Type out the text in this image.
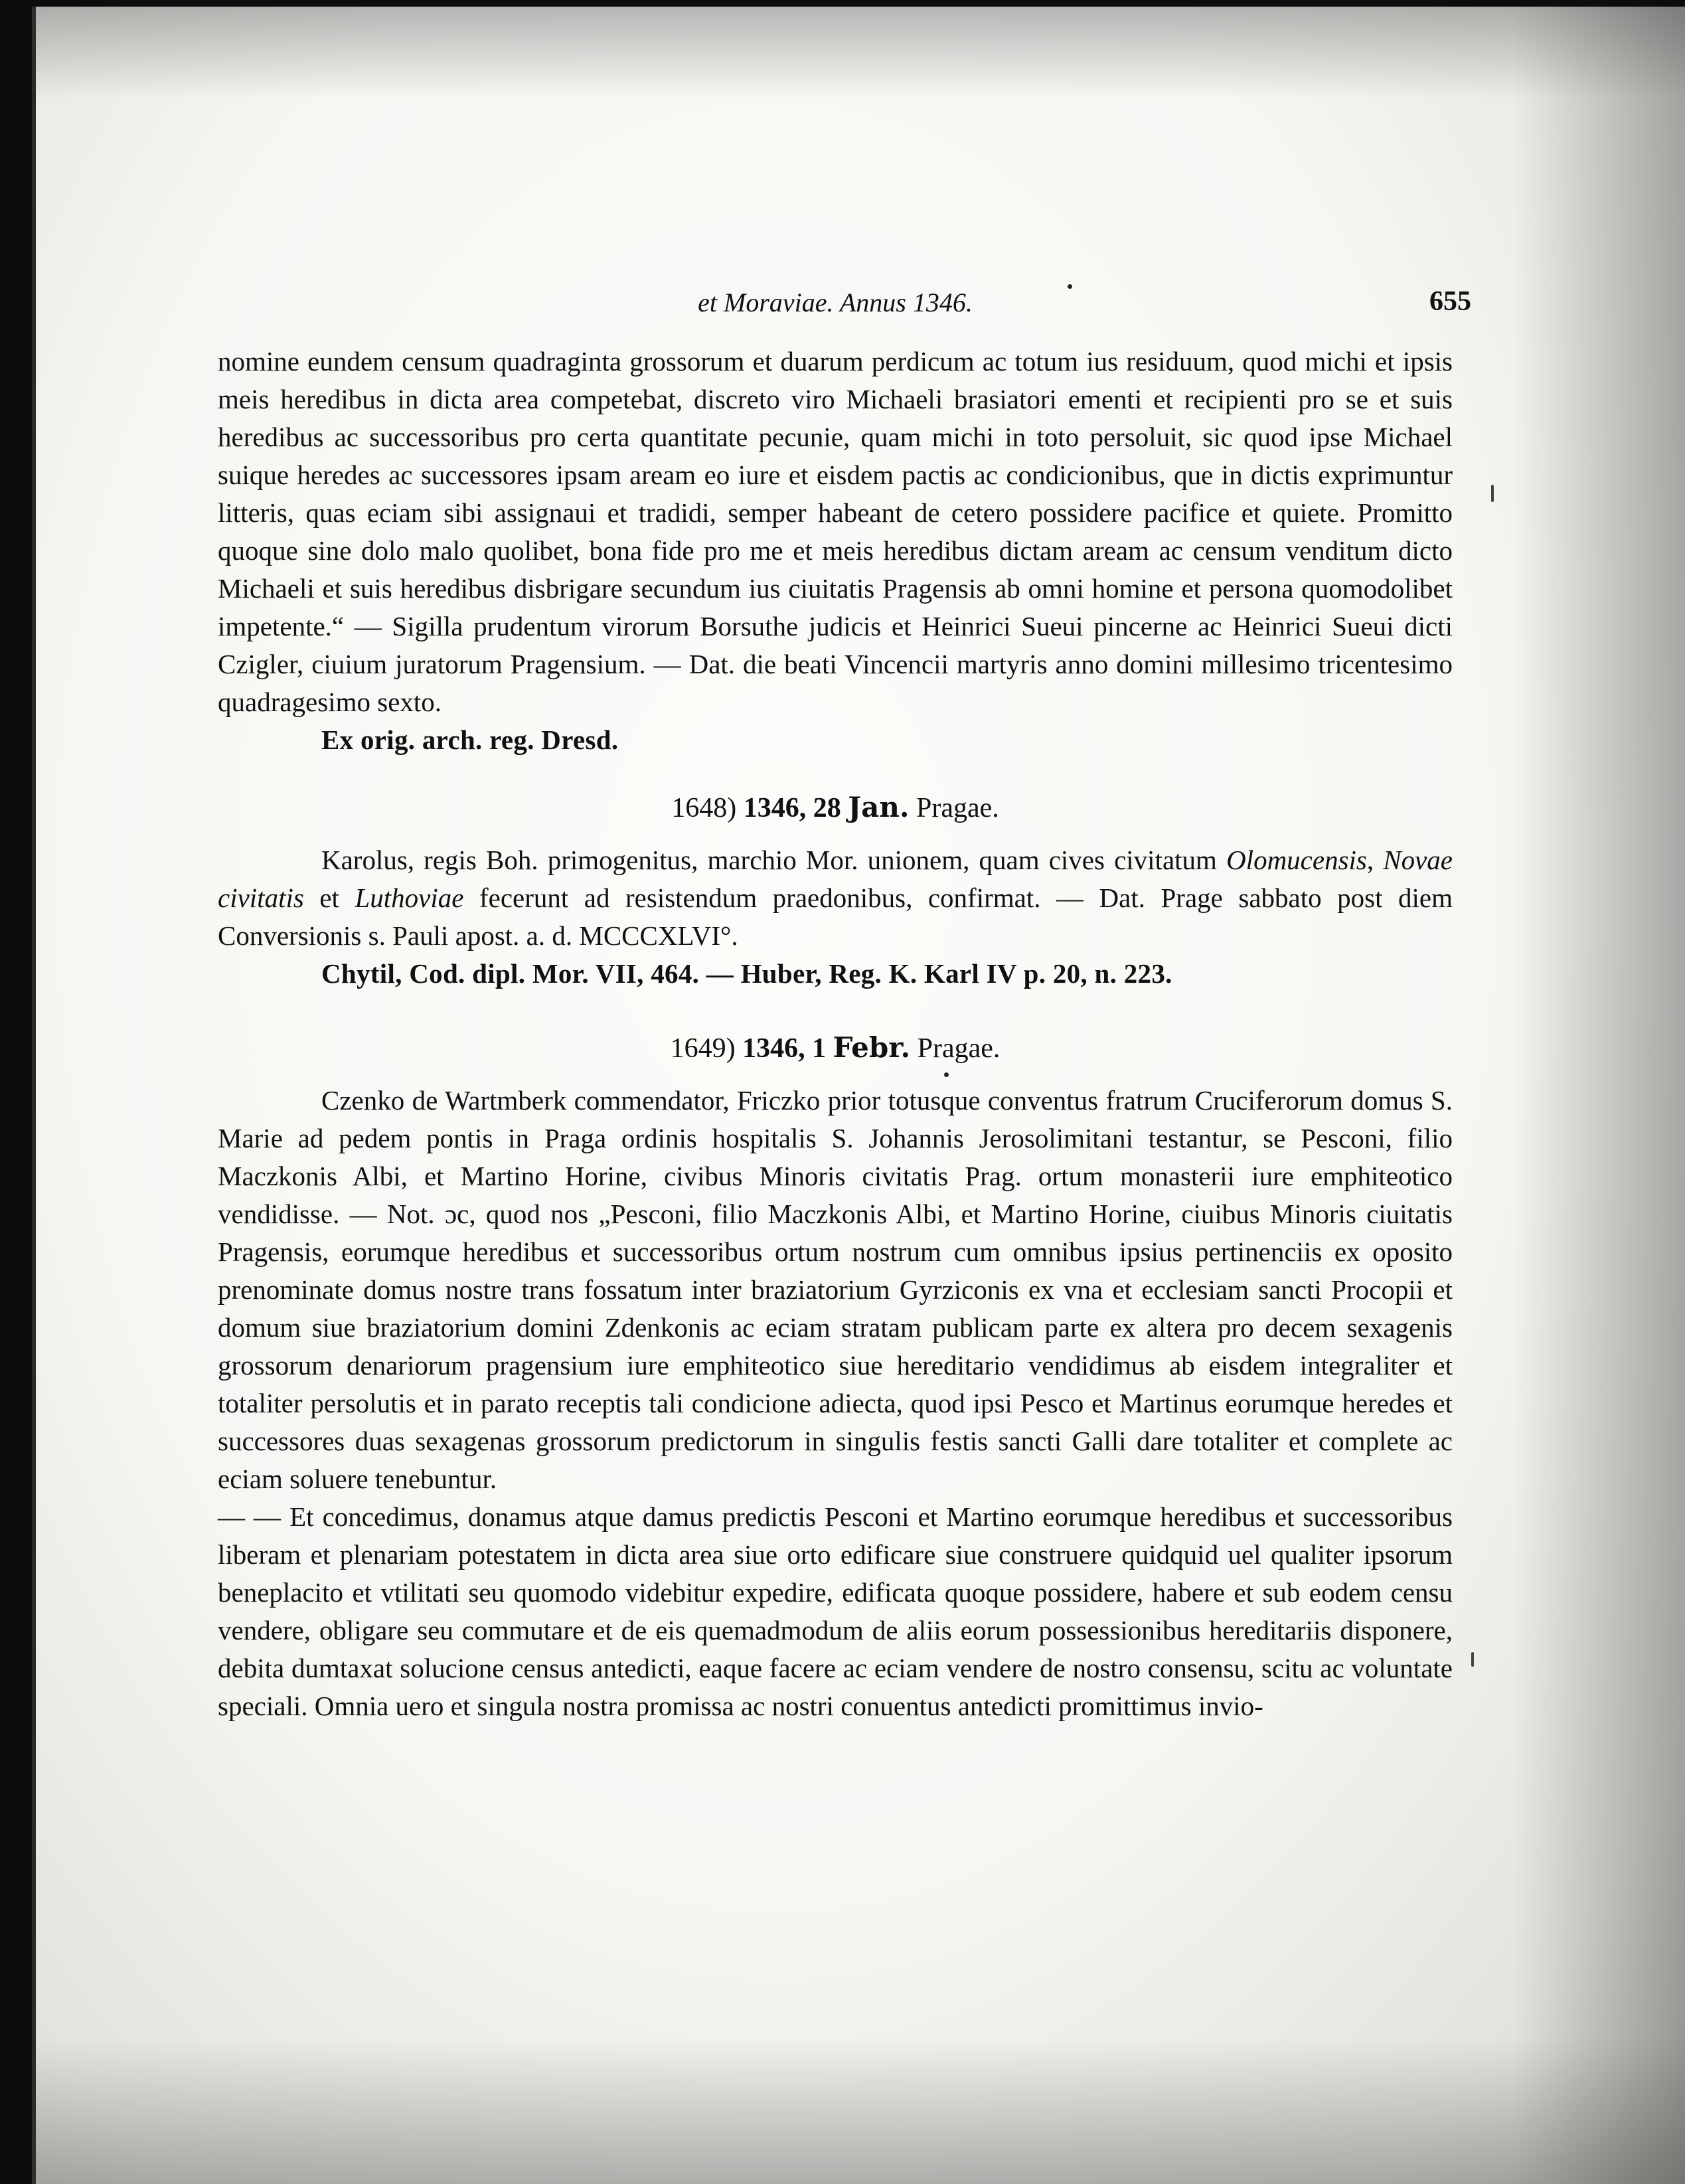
et Moraviae. Annus 1346.	655

nomine eundem censum quadraginta grossorum et duarum perdicum ac totum ius residuum, quod michi et ipsis meis heredibus in dicta area competebat, discreto viro Michaeli brasiatori ementi et recipienti pro se et suis heredibus ac successoribus pro certa quantitate pecunie, quam michi in toto persoluit, sic quod ipse Michael suique heredes ac successores ipsam aream eo iure et eisdem pactis ac condicionibus, que in dictis exprimuntur litteris, quas eciam sibi assignaui et tradidi, semper habeant de cetero possidere pacifice et quiete. Promitto quoque sine dolo malo quolibet, bona fide pro me et meis heredibus dictam aream ac censum venditum dicto Michaeli et suis heredibus disbrigare secundum ius ciuitatis Pragensis ab omni homine et persona quomodolibet impetente.“ — Sigilla prudentum virorum Borsuthe judicis et Heinrici Sueui pincerne ac Heinrici Sueui dicti Czigler, ciuium juratorum Pragensium. — Dat. die beati Vincencii martyris anno domini millesimo tricentesimo quadragesimo sexto.

Ex orig. arch. reg. Dresd.

1648) 1346, 28 Jan. Pragae.

Karolus, regis Boh. primogenitus, marchio Mor. unionem, quam cives civitatum Olomucensis, Novae civitatis et Luthoviae fecerunt ad resistendum praedonibus, confirmat. — Dat. Prage sabbato post diem Conversionis s. Pauli apost. a. d. MCCCXLVI°.

Chytil, Cod. dipl. Mor. VII, 464. — Huber, Reg. K. Karl IV p. 20, n. 223.

1649) 1346, 1 Febr. Pragae.

Czenko de Wartmberk commendator, Friczko prior totusque conventus fratrum Cruciferorum domus S. Marie ad pedem pontis in Praga ordinis hospitalis S. Johannis Jerosolimitani testantur, se Pesconi, filio Maczkonis Albi, et Martino Horine, civibus Minoris civitatis Prag. ortum monasterii iure emphiteotico vendidisse. — Not. ɔc, quod nos „Pesconi, filio Maczkonis Albi, et Martino Horine, ciuibus Minoris ciuitatis Pragensis, eorumque heredibus et successoribus ortum nostrum cum omnibus ipsius pertinenciis ex oposito prenominate domus nostre trans fossatum inter braziatorium Gyrziconis ex vna et ecclesiam sancti Procopii et domum siue braziatorium domini Zdenkonis ac eciam stratam publicam parte ex altera pro decem sexagenis grossorum denariorum pragensium iure emphiteotico siue hereditario vendidimus ab eisdem integraliter et totaliter persolutis et in parato receptis tali condicione adiecta, quod ipsi Pesco et Martinus eorumque heredes et successores duas sexagenas grossorum predictorum in singulis festis sancti Galli dare totaliter et complete ac eciam soluere tenebuntur.

— — Et concedimus, donamus atque damus predictis Pesconi et Martino eorumque heredibus et successoribus liberam et plenariam potestatem in dicta area siue orto edificare siue construere quidquid uel qualiter ipsorum beneplacito et vtilitati seu quomodo videbitur expedire, edificata quoque possidere, habere et sub eodem censu vendere, obligare seu commutare et de eis quemadmodum de aliis eorum possessionibus hereditariis disponere, debita dumtaxat solucione census antedicti, eaque facere ac eciam vendere de nostro consensu, scitu ac voluntate speciali. Omnia uero et singula nostra promissa ac nostri conuentus antedicti promittimus invio-
